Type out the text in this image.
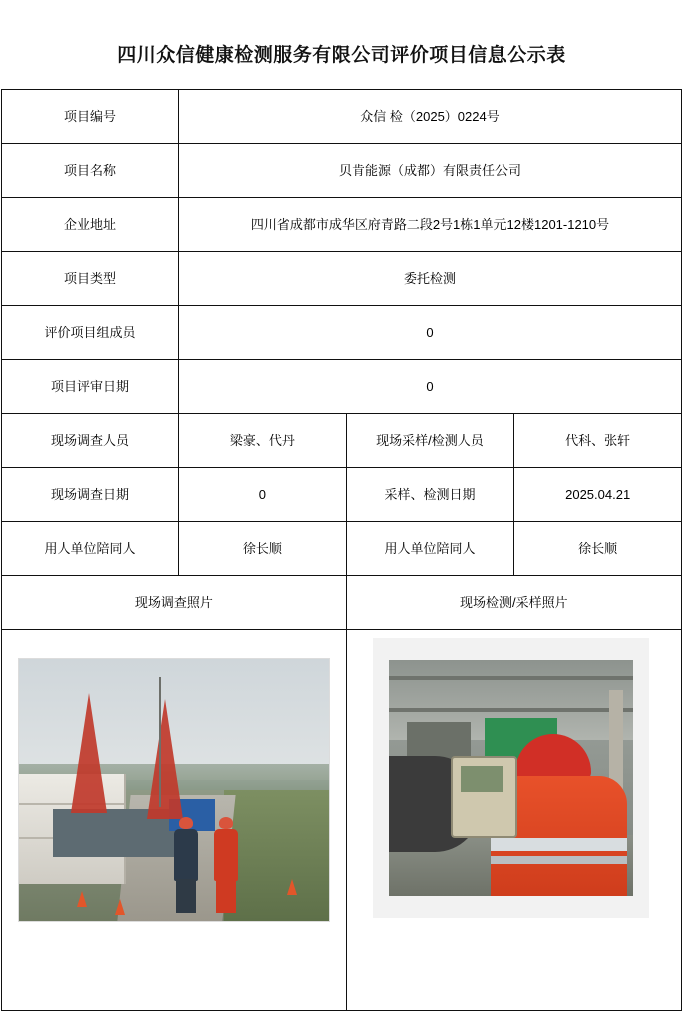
四川众信健康检测服务有限公司评价项目信息公示表
项目编号	众信 检（2025）0224号		
项目名称	贝肯能源（成都）有限责任公司		
企业地址	四川省成都市成华区府青路二段2号1栋1单元12楼1201-1210号		
项目类型	委托检测		
评价项目组成员	0		
项目评审日期	0		
现场调查人员	梁豪、代丹	现场采样/检测人员	代科、张轩
现场调查日期	0	采样、检测日期	2025.04.21
用人单位陪同人	徐长顺	用人单位陪同人	徐长顺
现场调查照片		现场检测/采样照片	
